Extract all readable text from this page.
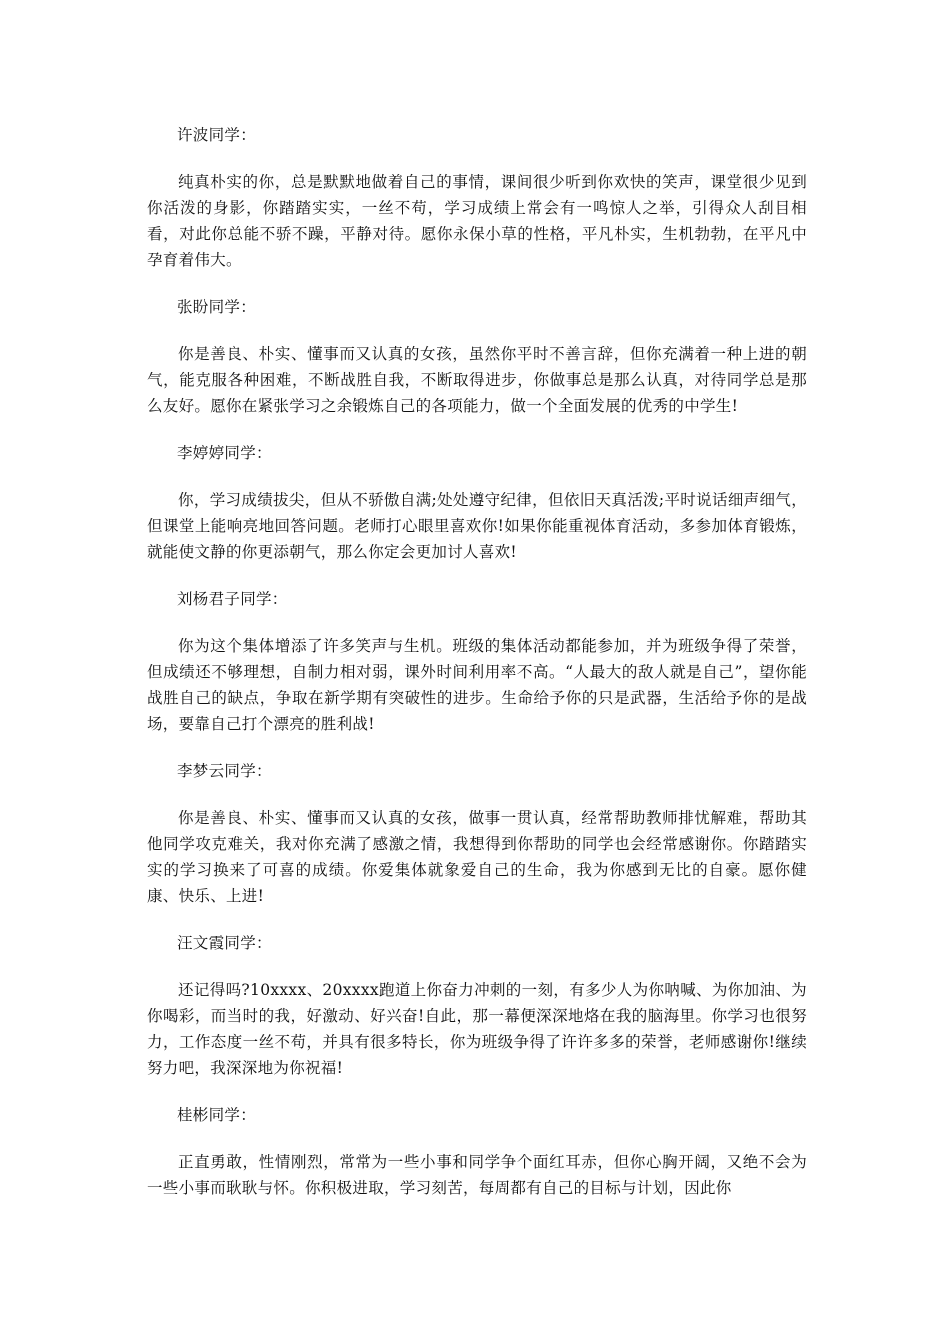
许波同学：

纯真朴实的你，总是默默地做着自己的事情，课间很少听到你欢快的笑声，课堂很少见到你活泼的身影，你踏踏实实，一丝不苟，学习成绩上常会有一鸣惊人之举，引得众人刮目相看，对此你总能不骄不躁，平静对待。愿你永保小草的性格，平凡朴实，生机勃勃，在平凡中孕育着伟大。

张盼同学：

你是善良、朴实、懂事而又认真的女孩，虽然你平时不善言辞，但你充满着一种上进的朝气，能克服各种困难，不断战胜自我，不断取得进步，你做事总是那么认真，对待同学总是那么友好。愿你在紧张学习之余锻炼自己的各项能力，做一个全面发展的优秀的中学生!

李婷婷同学：

你，学习成绩拔尖，但从不骄傲自满;处处遵守纪律，但依旧天真活泼;平时说话细声细气，但课堂上能响亮地回答问题。老师打心眼里喜欢你!如果你能重视体育活动，多参加体育锻炼，就能使文静的你更添朝气，那么你定会更加讨人喜欢!

刘杨君子同学：

你为这个集体增添了许多笑声与生机。班级的集体活动都能参加，并为班级争得了荣誉，但成绩还不够理想，自制力相对弱，课外时间利用率不高。“人最大的敌人就是自己”，望你能战胜自己的缺点，争取在新学期有突破性的进步。生命给予你的只是武器，生活给予你的是战场，要靠自己打个漂亮的胜利战!

李梦云同学：

你是善良、朴实、懂事而又认真的女孩，做事一贯认真，经常帮助教师排忧解难，帮助其他同学攻克难关，我对你充满了感激之情，我想得到你帮助的同学也会经常感谢你。你踏踏实实的学习换来了可喜的成绩。你爱集体就象爱自己的生命，我为你感到无比的自豪。愿你健康、快乐、上进!

汪文霞同学：

还记得吗?10xxxx、20xxxx跑道上你奋力冲刺的一刻，有多少人为你呐喊、为你加油、为你喝彩，而当时的我，好激动、好兴奋!自此，那一幕便深深地烙在我的脑海里。你学习也很努力，工作态度一丝不苟，并具有很多特长，你为班级争得了许许多多的荣誉，老师感谢你!继续努力吧，我深深地为你祝福!

桂彬同学：

正直勇敢，性情刚烈，常常为一些小事和同学争个面红耳赤，但你心胸开阔，又绝不会为一些小事而耿耿与怀。你积极进取，学习刻苦，每周都有自己的目标与计划，因此你
